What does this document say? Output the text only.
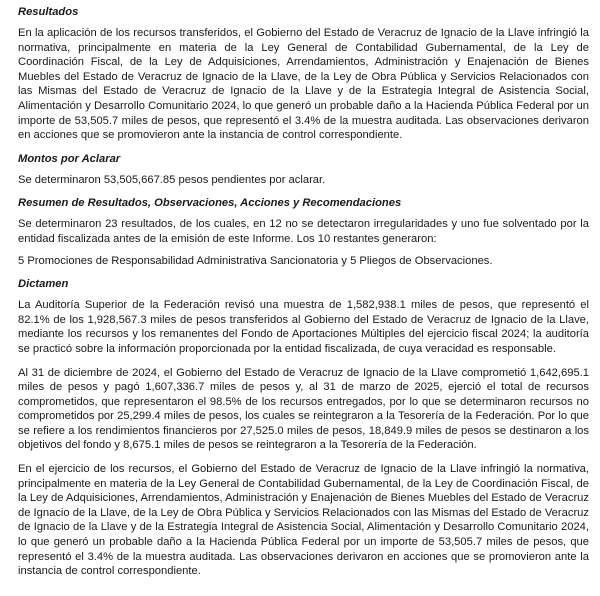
Resultados

En la aplicación de los recursos transferidos, el Gobierno del Estado de Veracruz de Ignacio de la Llave infringió la normativa, principalmente en materia de la Ley General de Contabilidad Gubernamental, de la Ley de Coordinación Fiscal, de la Ley de Adquisiciones, Arrendamientos, Administración y Enajenación de Bienes Muebles del Estado de Veracruz de Ignacio de la Llave, de la Ley de Obra Pública y Servicios Relacionados con las Mismas del Estado de Veracruz de Ignacio de la Llave y de la Estrategia Integral de Asistencia Social, Alimentación y Desarrollo Comunitario 2024, lo que generó un probable daño a la Hacienda Pública Federal por un importe de 53,505.7 miles de pesos, que representó el 3.4% de la muestra auditada. Las observaciones derivaron en acciones que se promovieron ante la instancia de control correspondiente.

Montos por Aclarar

Se determinaron 53,505,667.85 pesos pendientes por aclarar.

Resumen de Resultados, Observaciones, Acciones y Recomendaciones

Se determinaron 23 resultados, de los cuales, en 12 no se detectaron irregularidades y uno fue solventado por la entidad fiscalizada antes de la emisión de este Informe. Los 10 restantes generaron:

5 Promociones de Responsabilidad Administrativa Sancionatoria y 5 Pliegos de Observaciones.

Dictamen

La Auditoría Superior de la Federación revisó una muestra de 1,582,938.1 miles de pesos, que representó el 82.1% de los 1,928,567.3 miles de pesos transferidos al Gobierno del Estado de Veracruz de Ignacio de la Llave, mediante los recursos y los remanentes del Fondo de Aportaciones Múltiples del ejercicio fiscal 2024; la auditoría se practicó sobre la información proporcionada por la entidad fiscalizada, de cuya veracidad es responsable.

Al 31 de diciembre de 2024, el Gobierno del Estado de Veracruz de Ignacio de la Llave comprometió 1,642,695.1 miles de pesos y pagó 1,607,336.7 miles de pesos y, al 31 de marzo de 2025, ejerció el total de recursos comprometidos, que representaron el 98.5% de los recursos entregados, por lo que se determinaron recursos no comprometidos por 25,299.4 miles de pesos, los cuales se reintegraron a la Tesorería de la Federación. Por lo que se refiere a los rendimientos financieros por 27,525.0 miles de pesos, 18,849.9 miles de pesos se destinaron a los objetivos del fondo y 8,675.1 miles de pesos se reintegraron a la Tesorería de la Federación.

En el ejercicio de los recursos, el Gobierno del Estado de Veracruz de Ignacio de la Llave infringió la normativa, principalmente en materia de la Ley General de Contabilidad Gubernamental, de la Ley de Coordinación Fiscal, de la Ley de Adquisiciones, Arrendamientos, Administración y Enajenación de Bienes Muebles del Estado de Veracruz de Ignacio de la Llave, de la Ley de Obra Pública y Servicios Relacionados con las Mismas del Estado de Veracruz de Ignacio de la Llave y de la Estrategia Integral de Asistencia Social, Alimentación y Desarrollo Comunitario 2024, lo que generó un probable daño a la Hacienda Pública Federal por un importe de 53,505.7 miles de pesos, que representó el 3.4% de la muestra auditada. Las observaciones derivaron en acciones que se promovieron ante la instancia de control correspondiente.
